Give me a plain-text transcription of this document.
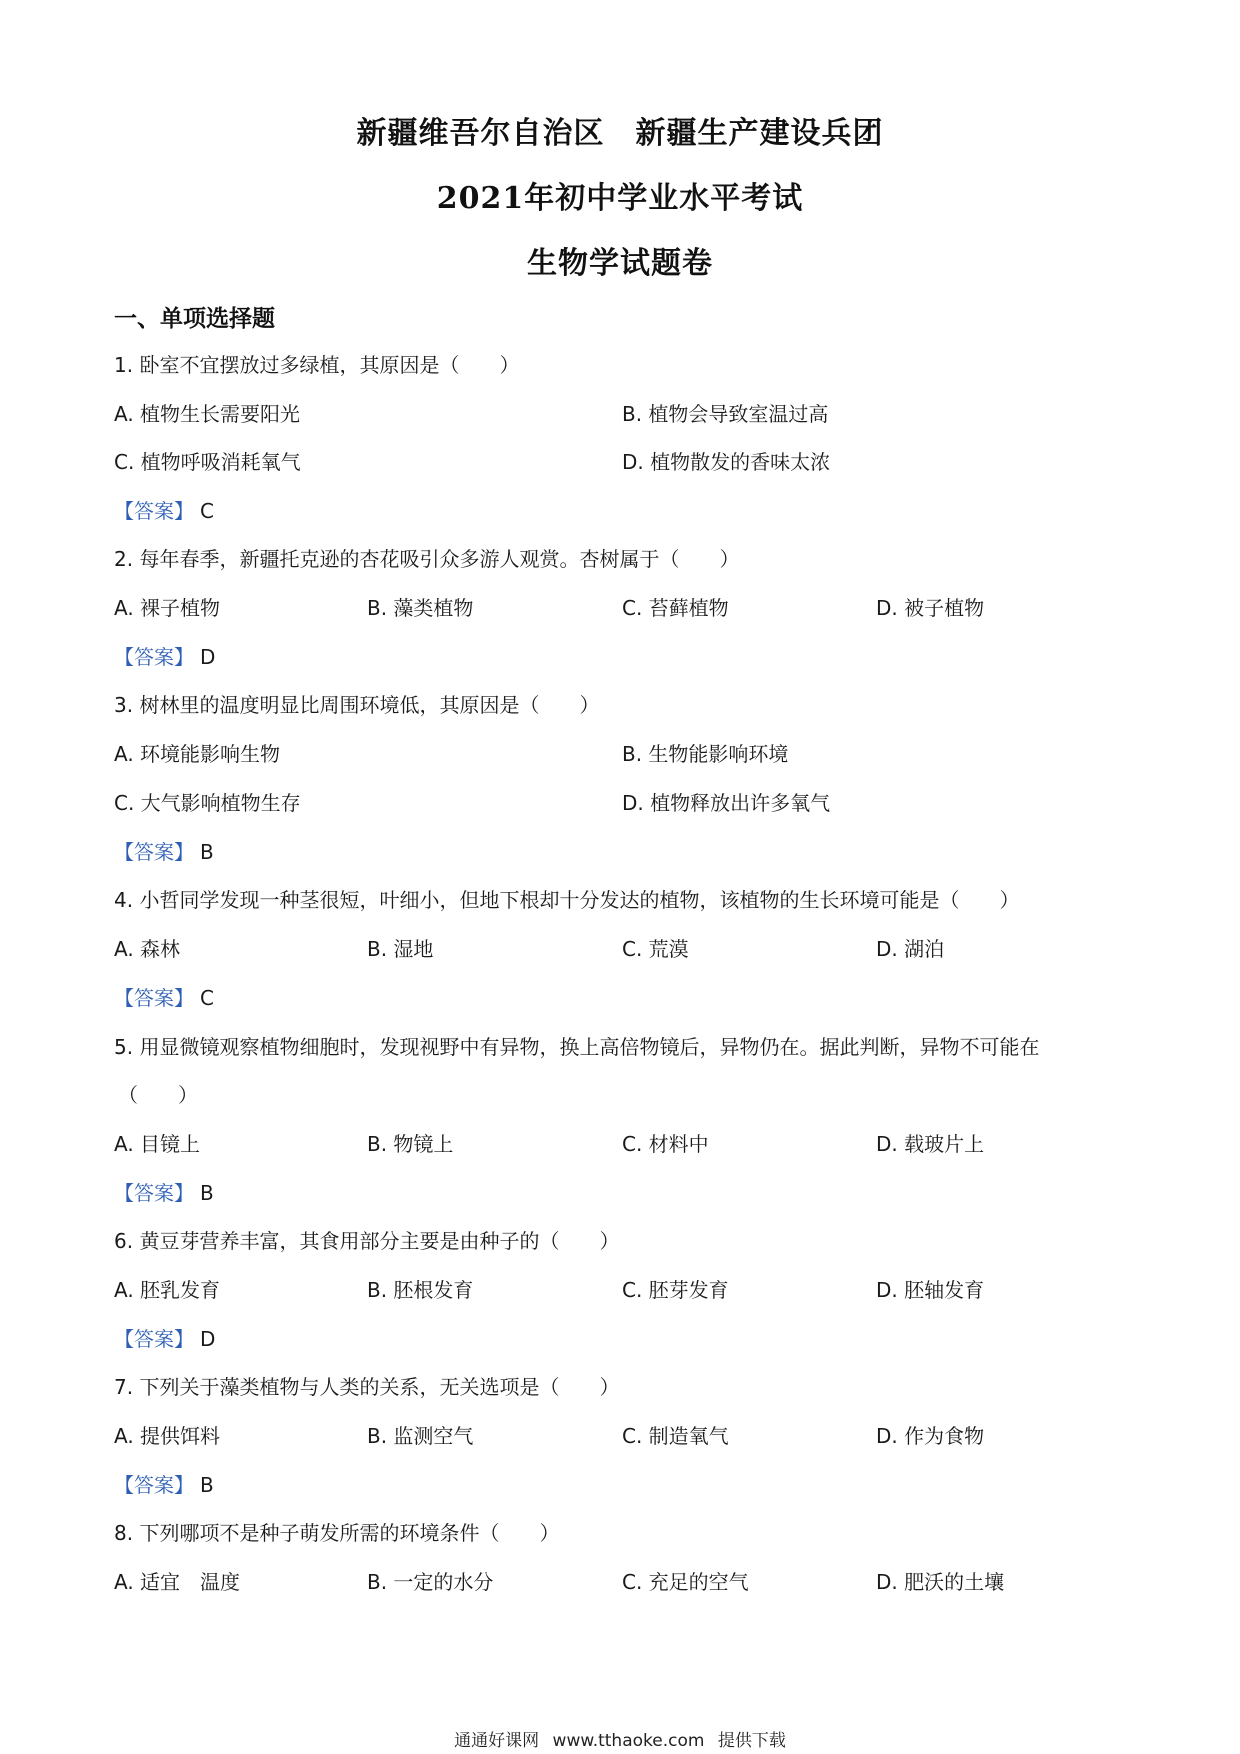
新疆维吾尔自治区　新疆生产建设兵团
2021年初中学业水平考试
生物学试题卷
一、单项选择题
1. 卧室不宜摆放过多绿植，其原因是（　　）
A. 植物生长需要阳光	B. 植物会导致室温过高
C. 植物呼吸消耗氧气	D. 植物散发的香味太浓
【答案】 C
2. 每年春季，新疆托克逊的杏花吸引众多游人观赏。杏树属于（　　）
A. 裸子植物	B. 藻类植物	C. 苔藓植物	D. 被子植物
【答案】 D
3. 树林里的温度明显比周围环境低，其原因是（　　）
A. 环境能影响生物	B. 生物能影响环境
C. 大气影响植物生存	D. 植物释放出许多氧气
【答案】 B
4. 小哲同学发现一种茎很短，叶细小，但地下根却十分发达的植物，该植物的生长环境可能是（　　）
A. 森林	B. 湿地	C. 荒漠	D. 湖泊
【答案】 C
5. 用显微镜观察植物细胞时，发现视野中有异物，换上高倍物镜后，异物仍在。据此判断，异物不可能在
（　　）
A. 目镜上	B. 物镜上	C. 材料中	D. 载玻片上
【答案】 B
6. 黄豆芽营养丰富，其食用部分主要是由种子的（　　）
A. 胚乳发育	B. 胚根发育	C. 胚芽发育	D. 胚轴发育
【答案】 D
7. 下列关于藻类植物与人类的关系，无关选项是（　　）
A. 提供饵料	B. 监测空气	C. 制造氧气	D. 作为食物
【答案】 B
8. 下列哪项不是种子萌发所需的环境条件（　　）
A. 适宜　温度	B. 一定的水分	C. 充足的空气	D. 肥沃的土壤
通通好课网 www.tthaoke.com 提供下载
